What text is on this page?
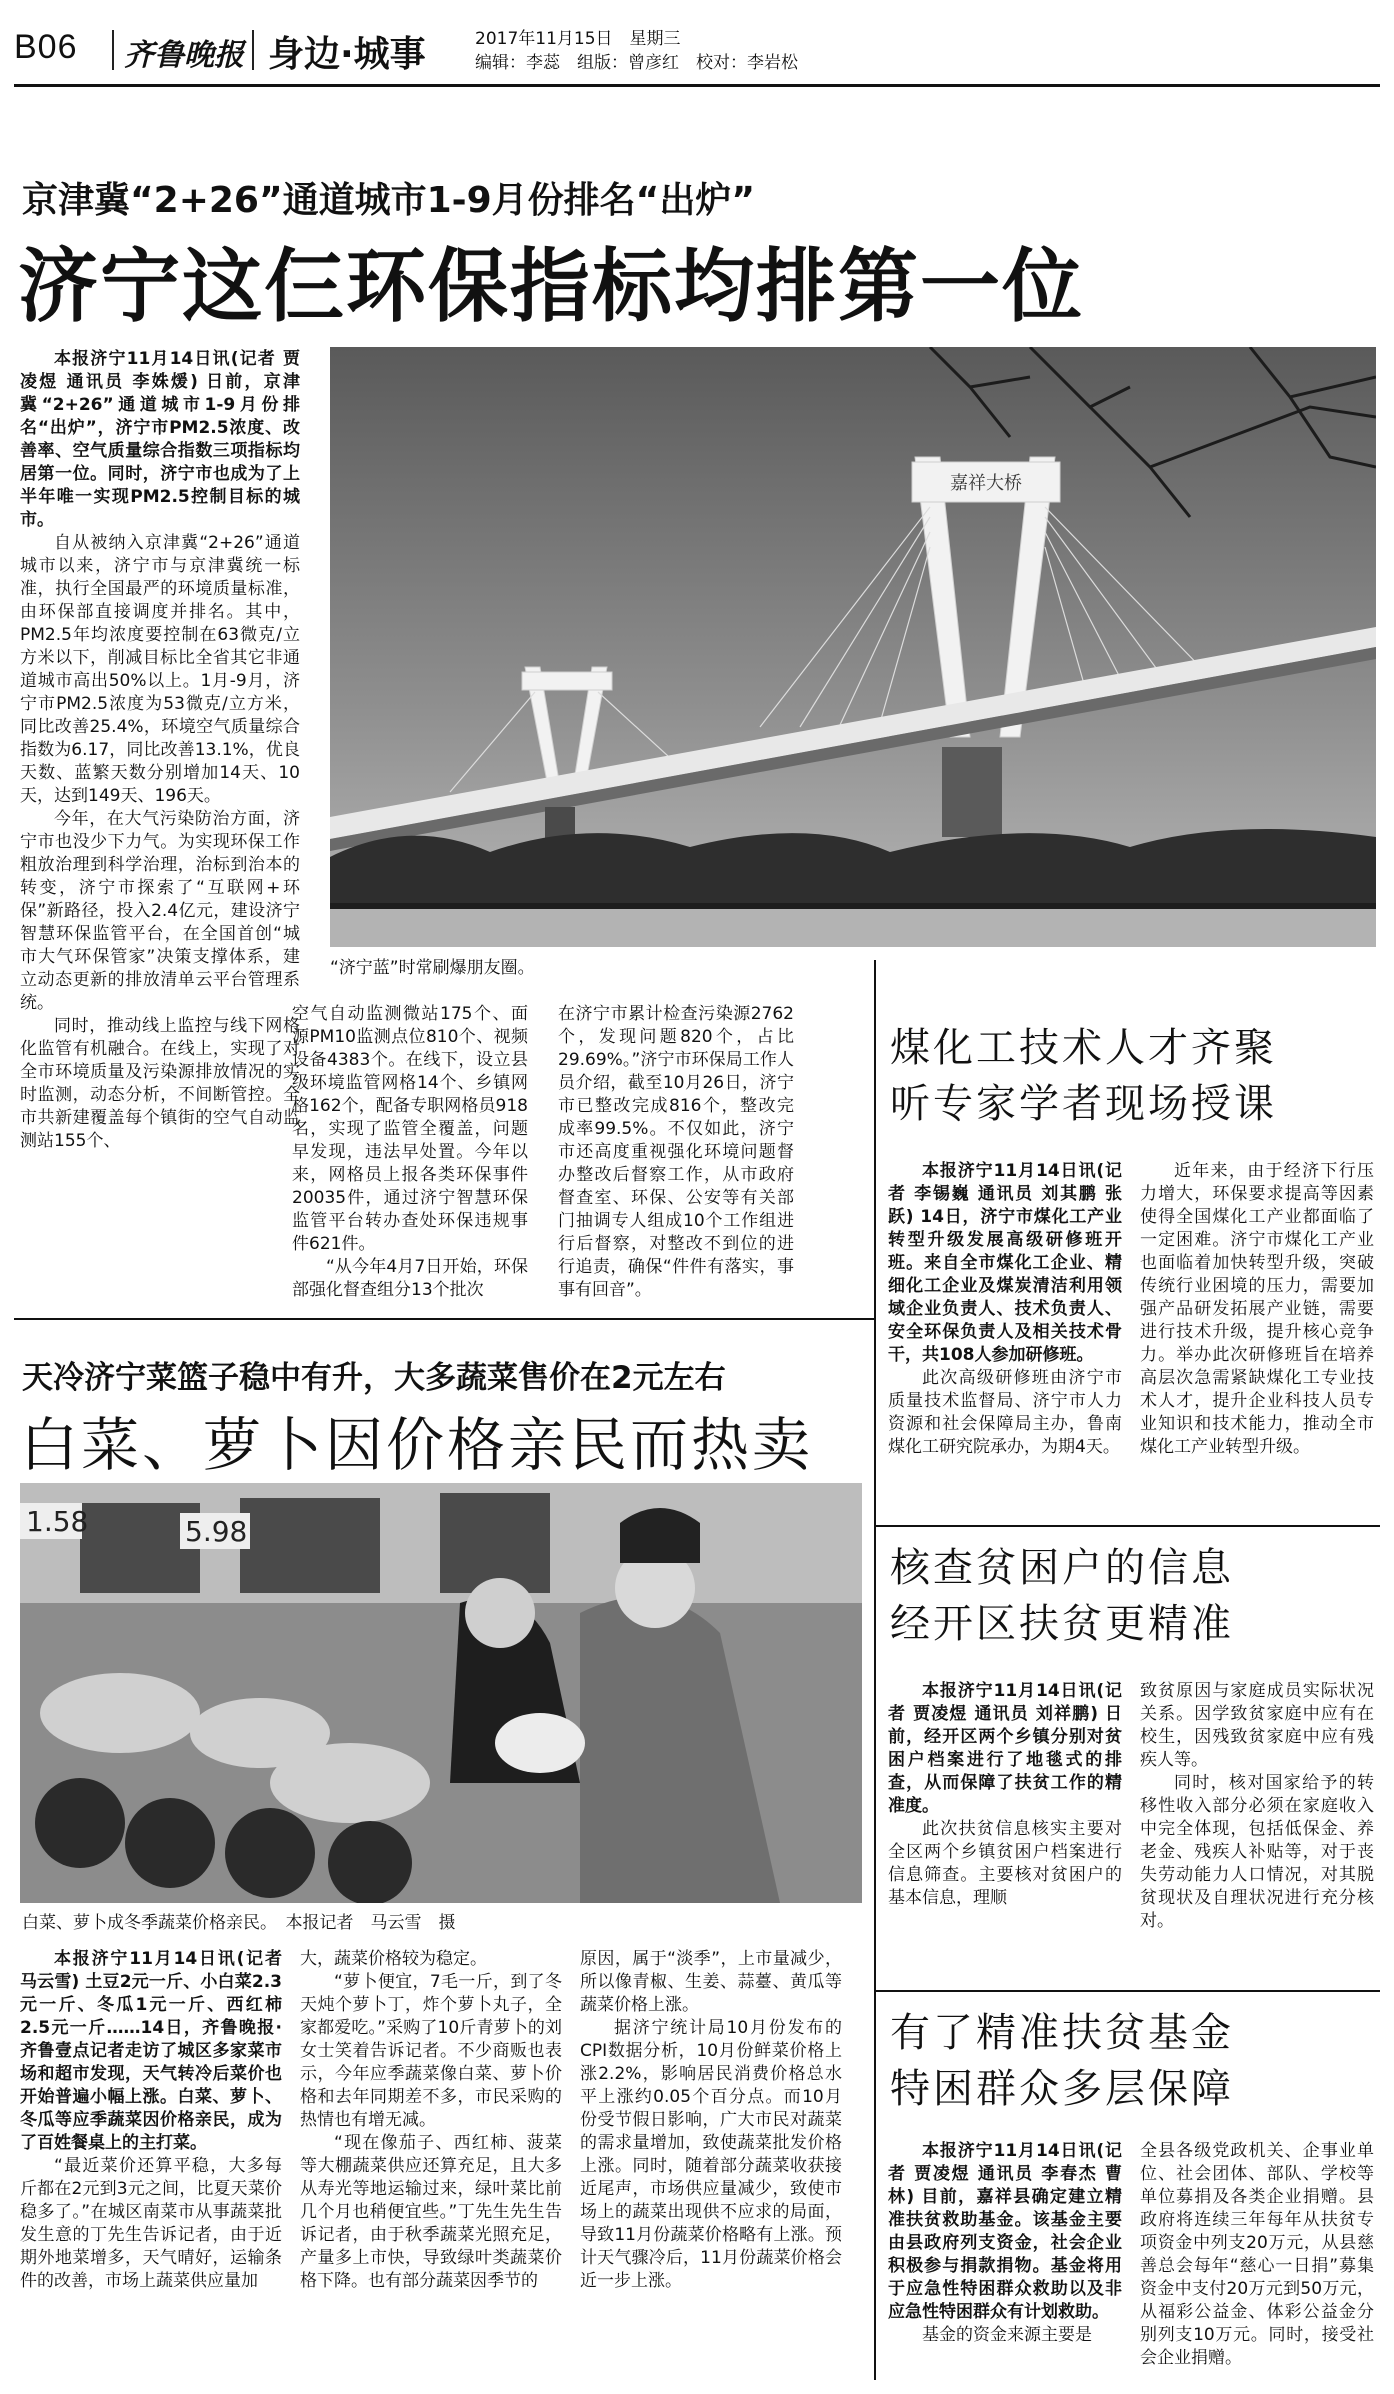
B06 齐鲁晚报 身边·城事	2017年11月15日　星期三
编辑：李蕊　组版：曾彦红　校对：李岩松
京津冀“2+26”通道城市1-9月份排名“出炉”
济宁这仨环保指标均排第一位
嘉祥大桥
“济宁蓝”时常刷爆朋友圈。

本报济宁11月14日讯(记者 贾凌煜 通讯员 李姝煖) 日前，京津冀“2+26”通道城市1-9月份排名“出炉”，济宁市PM2.5浓度、改善率、空气质量综合指数三项指标均居第一位。同时，济宁市也成为了上半年唯一实现PM2.5控制目标的城市。

自从被纳入京津冀“2+26”通道城市以来，济宁市与京津冀统一标准，执行全国最严的环境质量标准，由环保部直接调度并排名。其中，PM2.5年均浓度要控制在63微克/立方米以下，削减目标比全省其它非通道城市高出50%以上。1月-9月，济宁市PM2.5浓度为53微克/立方米，同比改善25.4%，环境空气质量综合指数为6.17，同比改善13.1%，优良天数、蓝繁天数分别增加14天、10天，达到149天、196天。

今年，在大气污染防治方面，济宁市也没少下力气。为实现环保工作粗放治理到科学治理，治标到治本的转变，济宁市探索了“互联网+环保”新路径，投入2.4亿元，建设济宁智慧环保监管平台，在全国首创“城市大气环保管家”决策支撑体系，建立动态更新的排放清单云平台管理系统。

同时，推动线上监控与线下网格化监管有机融合。在线上，实现了对全市环境质量及污染源排放情况的实时监测，动态分析，不间断管控。全市共新建覆盖每个镇街的空气自动监测站155个、

空气自动监测微站175个、面源PM10监测点位810个、视频设备4383个。在线下，设立县级环境监管网格14个、乡镇网格162个，配备专职网格员918名，实现了监管全覆盖，问题早发现，违法早处置。今年以来，网格员上报各类环保事件20035件，通过济宁智慧环保监管平台转办查处环保违规事件621件。

“从今年4月7日开始，环保部强化督查组分13个批次

在济宁市累计检查污染源2762个，发现问题820个，占比29.69%。”济宁市环保局工作人员介绍，截至10月26日，济宁市已整改完成816个，整改完成率99.5%。不仅如此，济宁市还高度重视强化环境问题督办整改后督察工作，从市政府督查室、环保、公安等有关部门抽调专人组成10个工作组进行后督察，对整改不到位的进行追责，确保“件件有落实，事事有回音”。

天冷济宁菜篮子稳中有升，大多蔬菜售价在2元左右
白菜、萝卜因价格亲民而热卖
1.58	5.98
白菜、萝卜成冬季蔬菜价格亲民。　本报记者　马云雪　摄

本报济宁11月14日讯(记者 马云雪) 土豆2元一斤、小白菜2.3元一斤、冬瓜1元一斤、西红柿2.5元一斤……14日，齐鲁晚报·齐鲁壹点记者走访了城区多家菜市场和超市发现，天气转冷后菜价也开始普遍小幅上涨。白菜、萝卜、冬瓜等应季蔬菜因价格亲民，成为了百姓餐桌上的主打菜。

“最近菜价还算平稳，大多每斤都在2元到3元之间，比夏天菜价稳多了。”在城区南菜市从事蔬菜批发生意的丁先生告诉记者，由于近期外地菜增多，天气晴好，运输条件的改善，市场上蔬菜供应量加

大，蔬菜价格较为稳定。

“萝卜便宜，7毛一斤，到了冬天炖个萝卜丁，炸个萝卜丸子，全家都爱吃。”采购了10斤青萝卜的刘女士笑着告诉记者。不少商贩也表示，今年应季蔬菜像白菜、萝卜价格和去年同期差不多，市民采购的热情也有增无减。

“现在像茄子、西红柿、菠菜等大棚蔬菜供应还算充足，且大多从寿光等地运输过来，绿叶菜比前几个月也稍便宜些。”丁先生先生告诉记者，由于秋季蔬菜光照充足，产量多上市快，导致绿叶类蔬菜价格下降。也有部分蔬菜因季节的

原因，属于“淡季”，上市量减少，所以像青椒、生姜、蒜薹、黄瓜等蔬菜价格上涨。

据济宁统计局10月份发布的CPI数据分析，10月份鲜菜价格上涨2.2%，影响居民消费价格总水平上涨约0.05个百分点。而10月份受节假日影响，广大市民对蔬菜的需求量增加，致使蔬菜批发价格上涨。同时，随着部分蔬菜收获接近尾声，市场供应量减少，致使市场上的蔬菜出现供不应求的局面，导致11月份蔬菜价格略有上涨。预计天气骤冷后，11月份蔬菜价格会近一步上涨。

煤化工技术人才齐聚
听专家学者现场授课

本报济宁11月14日讯(记者 李锡巍 通讯员 刘其鹏 张跃) 14日，济宁市煤化工产业转型升级发展高级研修班开班。来自全市煤化工企业、精细化工企业及煤炭清洁利用领域企业负责人、技术负责人、安全环保负责人及相关技术骨干，共108人参加研修班。

此次高级研修班由济宁市质量技术监督局、济宁市人力资源和社会保障局主办，鲁南煤化工研究院承办，为期4天。

近年来，由于经济下行压力增大，环保要求提高等因素使得全国煤化工产业都面临了一定困难。济宁市煤化工产业也面临着加快转型升级，突破传统行业困境的压力，需要加强产品研发拓展产业链，需要进行技术升级，提升核心竞争力。举办此次研修班旨在培养高层次急需紧缺煤化工专业技术人才，提升企业科技人员专业知识和技术能力，推动全市煤化工产业转型升级。

核查贫困户的信息
经开区扶贫更精准

本报济宁11月14日讯(记者 贾凌煜 通讯员 刘祥鹏) 日前，经开区两个乡镇分别对贫困户档案进行了地毯式的排查，从而保障了扶贫工作的精准度。

此次扶贫信息核实主要对全区两个乡镇贫困户档案进行信息筛查。主要核对贫困户的基本信息，理顺

致贫原因与家庭成员实际状况关系。因学致贫家庭中应有在校生，因残致贫家庭中应有残疾人等。

同时，核对国家给予的转移性收入部分必须在家庭收入中完全体现，包括低保金、养老金、残疾人补贴等，对于丧失劳动能力人口情况，对其脱贫现状及自理状况进行充分核对。

有了精准扶贫基金
特困群众多层保障

本报济宁11月14日讯(记者 贾凌煜 通讯员 李春杰 曹林) 目前，嘉祥县确定建立精准扶贫救助基金。该基金主要由县政府列支资金，社会企业积极参与捐款捐物。基金将用于应急性特困群众救助以及非应急性特困群众有计划救助。

基金的资金来源主要是

全县各级党政机关、企事业单位、社会团体、部队、学校等单位募捐及各类企业捐赠。县政府将连续三年每年从扶贫专项资金中列支20万元，从县慈善总会每年“慈心一日捐”募集资金中支付20万元到50万元，从福彩公益金、体彩公益金分别列支10万元。同时，接受社会企业捐赠。
